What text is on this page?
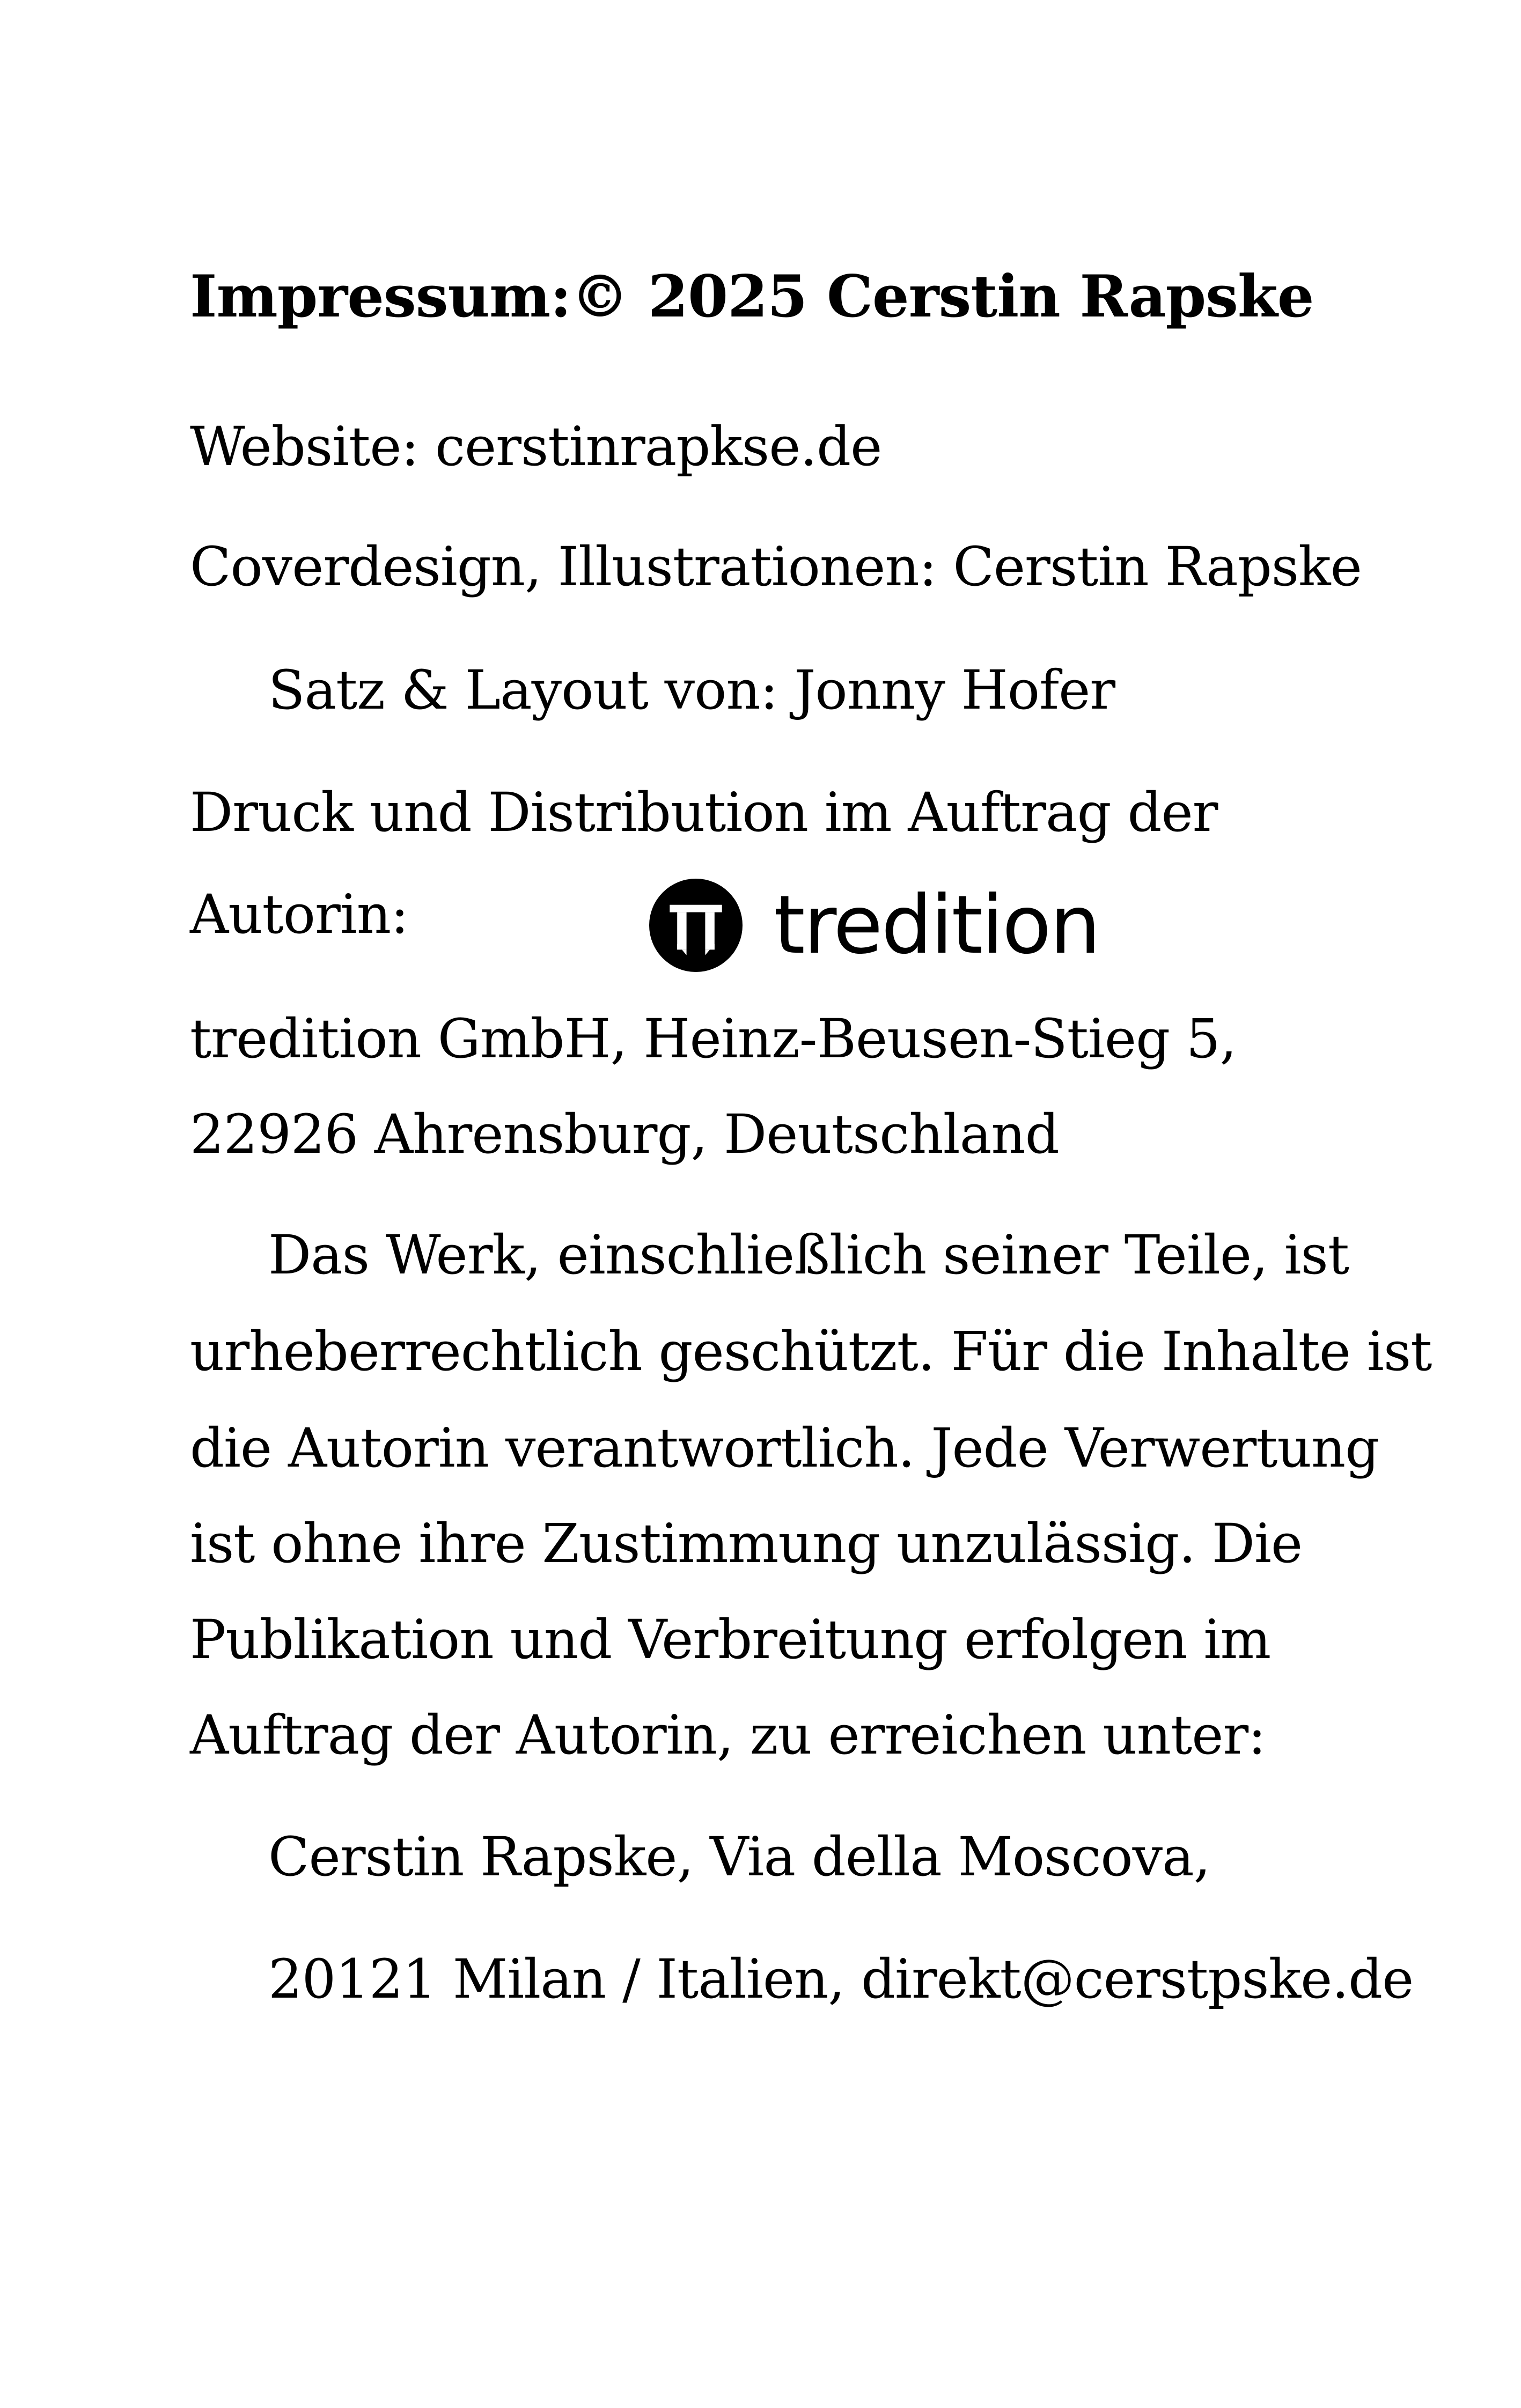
Impressum:© 2025 Cerstin Rapske
Website: cerstinrapkse.de
Coverdesign, Illustrationen: Cerstin Rapske
Satz & Layout von: Jonny Hofer
Druck und Distribution im Auftrag der
Autorin:	tredition
tredition GmbH, Heinz-Beusen-Stieg 5,
22926 Ahrensburg, Deutschland
Das Werk, einschließlich seiner Teile, ist
urheberrechtlich geschützt. Für die Inhalte ist
die Autorin verantwortlich. Jede Verwertung
ist ohne ihre Zustimmung unzulässig. Die
Publikation und Verbreitung erfolgen im
Auftrag der Autorin, zu erreichen unter:
Cerstin Rapske, Via della Moscova,
20121 Milan / Italien, direkt@cerstpske.de
